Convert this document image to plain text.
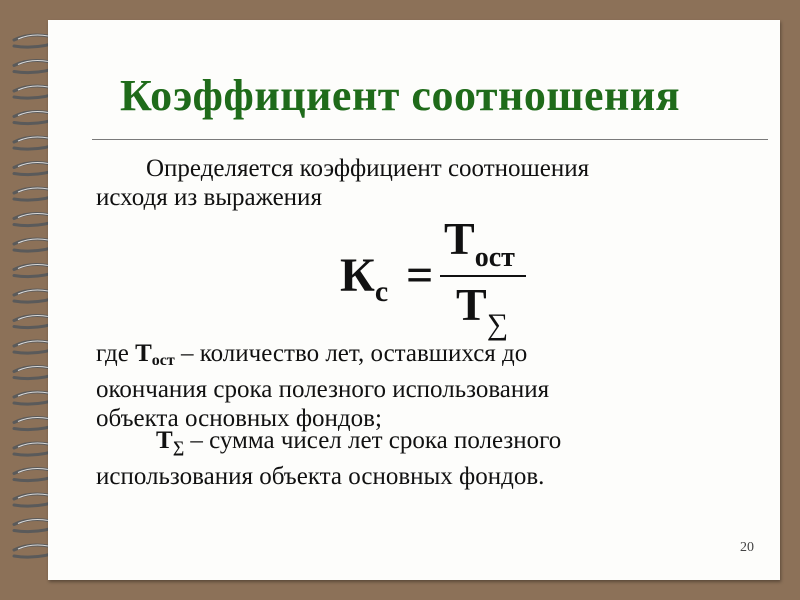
Коэффициент соотношения

Определяется коэффициент соотношения
исходя из выражения

$К_с$ =
$Т_{ост}$
$Т_\sum$

где $Т_{ост}$ – количество лет, оставшихся до
окончания срока полезного использования
объекта основных фондов;

$Т_\sum$ – сумма чисел лет срока полезного
использования объекта основных фондов.

20
